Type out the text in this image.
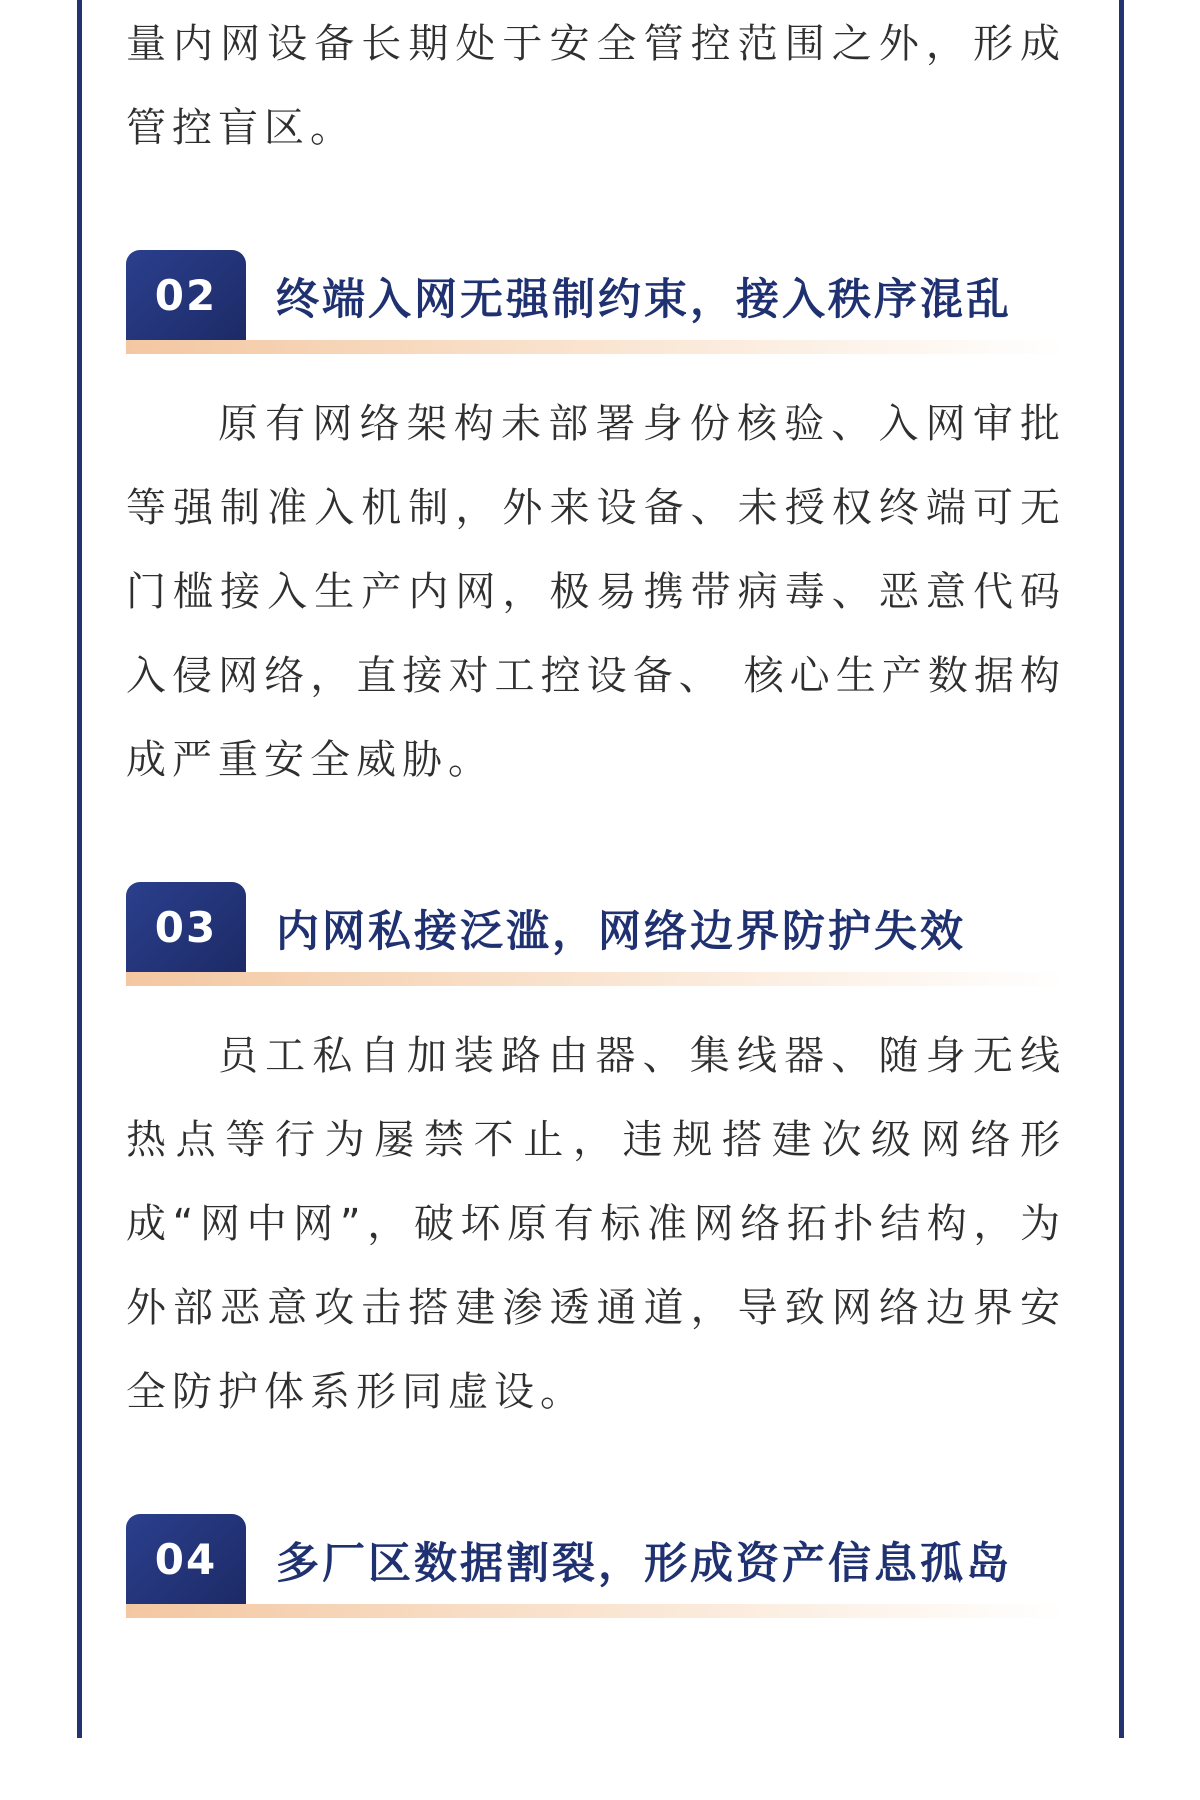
量内网设备长期处于安全管控范围之外，形成管控盲区。

02	终端入网无强制约束，接入秩序混乱

原有网络架构未部署身份核验、入网审批等强制准入机制，外来设备、未授权终端可无门槛接入生产内网，极易携带病毒、恶意代码入侵网络，直接对工控设备、 核心生产数据构成严重安全威胁。

03	内网私接泛滥，网络边界防护失效

员工私自加装路由器、集线器、随身无线热点等行为屡禁不止，违规搭建次级网络形成“网中网”，破坏原有标准网络拓扑结构，为外部恶意攻击搭建渗透通道，导致网络边界安全防护体系形同虚设。

04	多厂区数据割裂，形成资产信息孤岛
